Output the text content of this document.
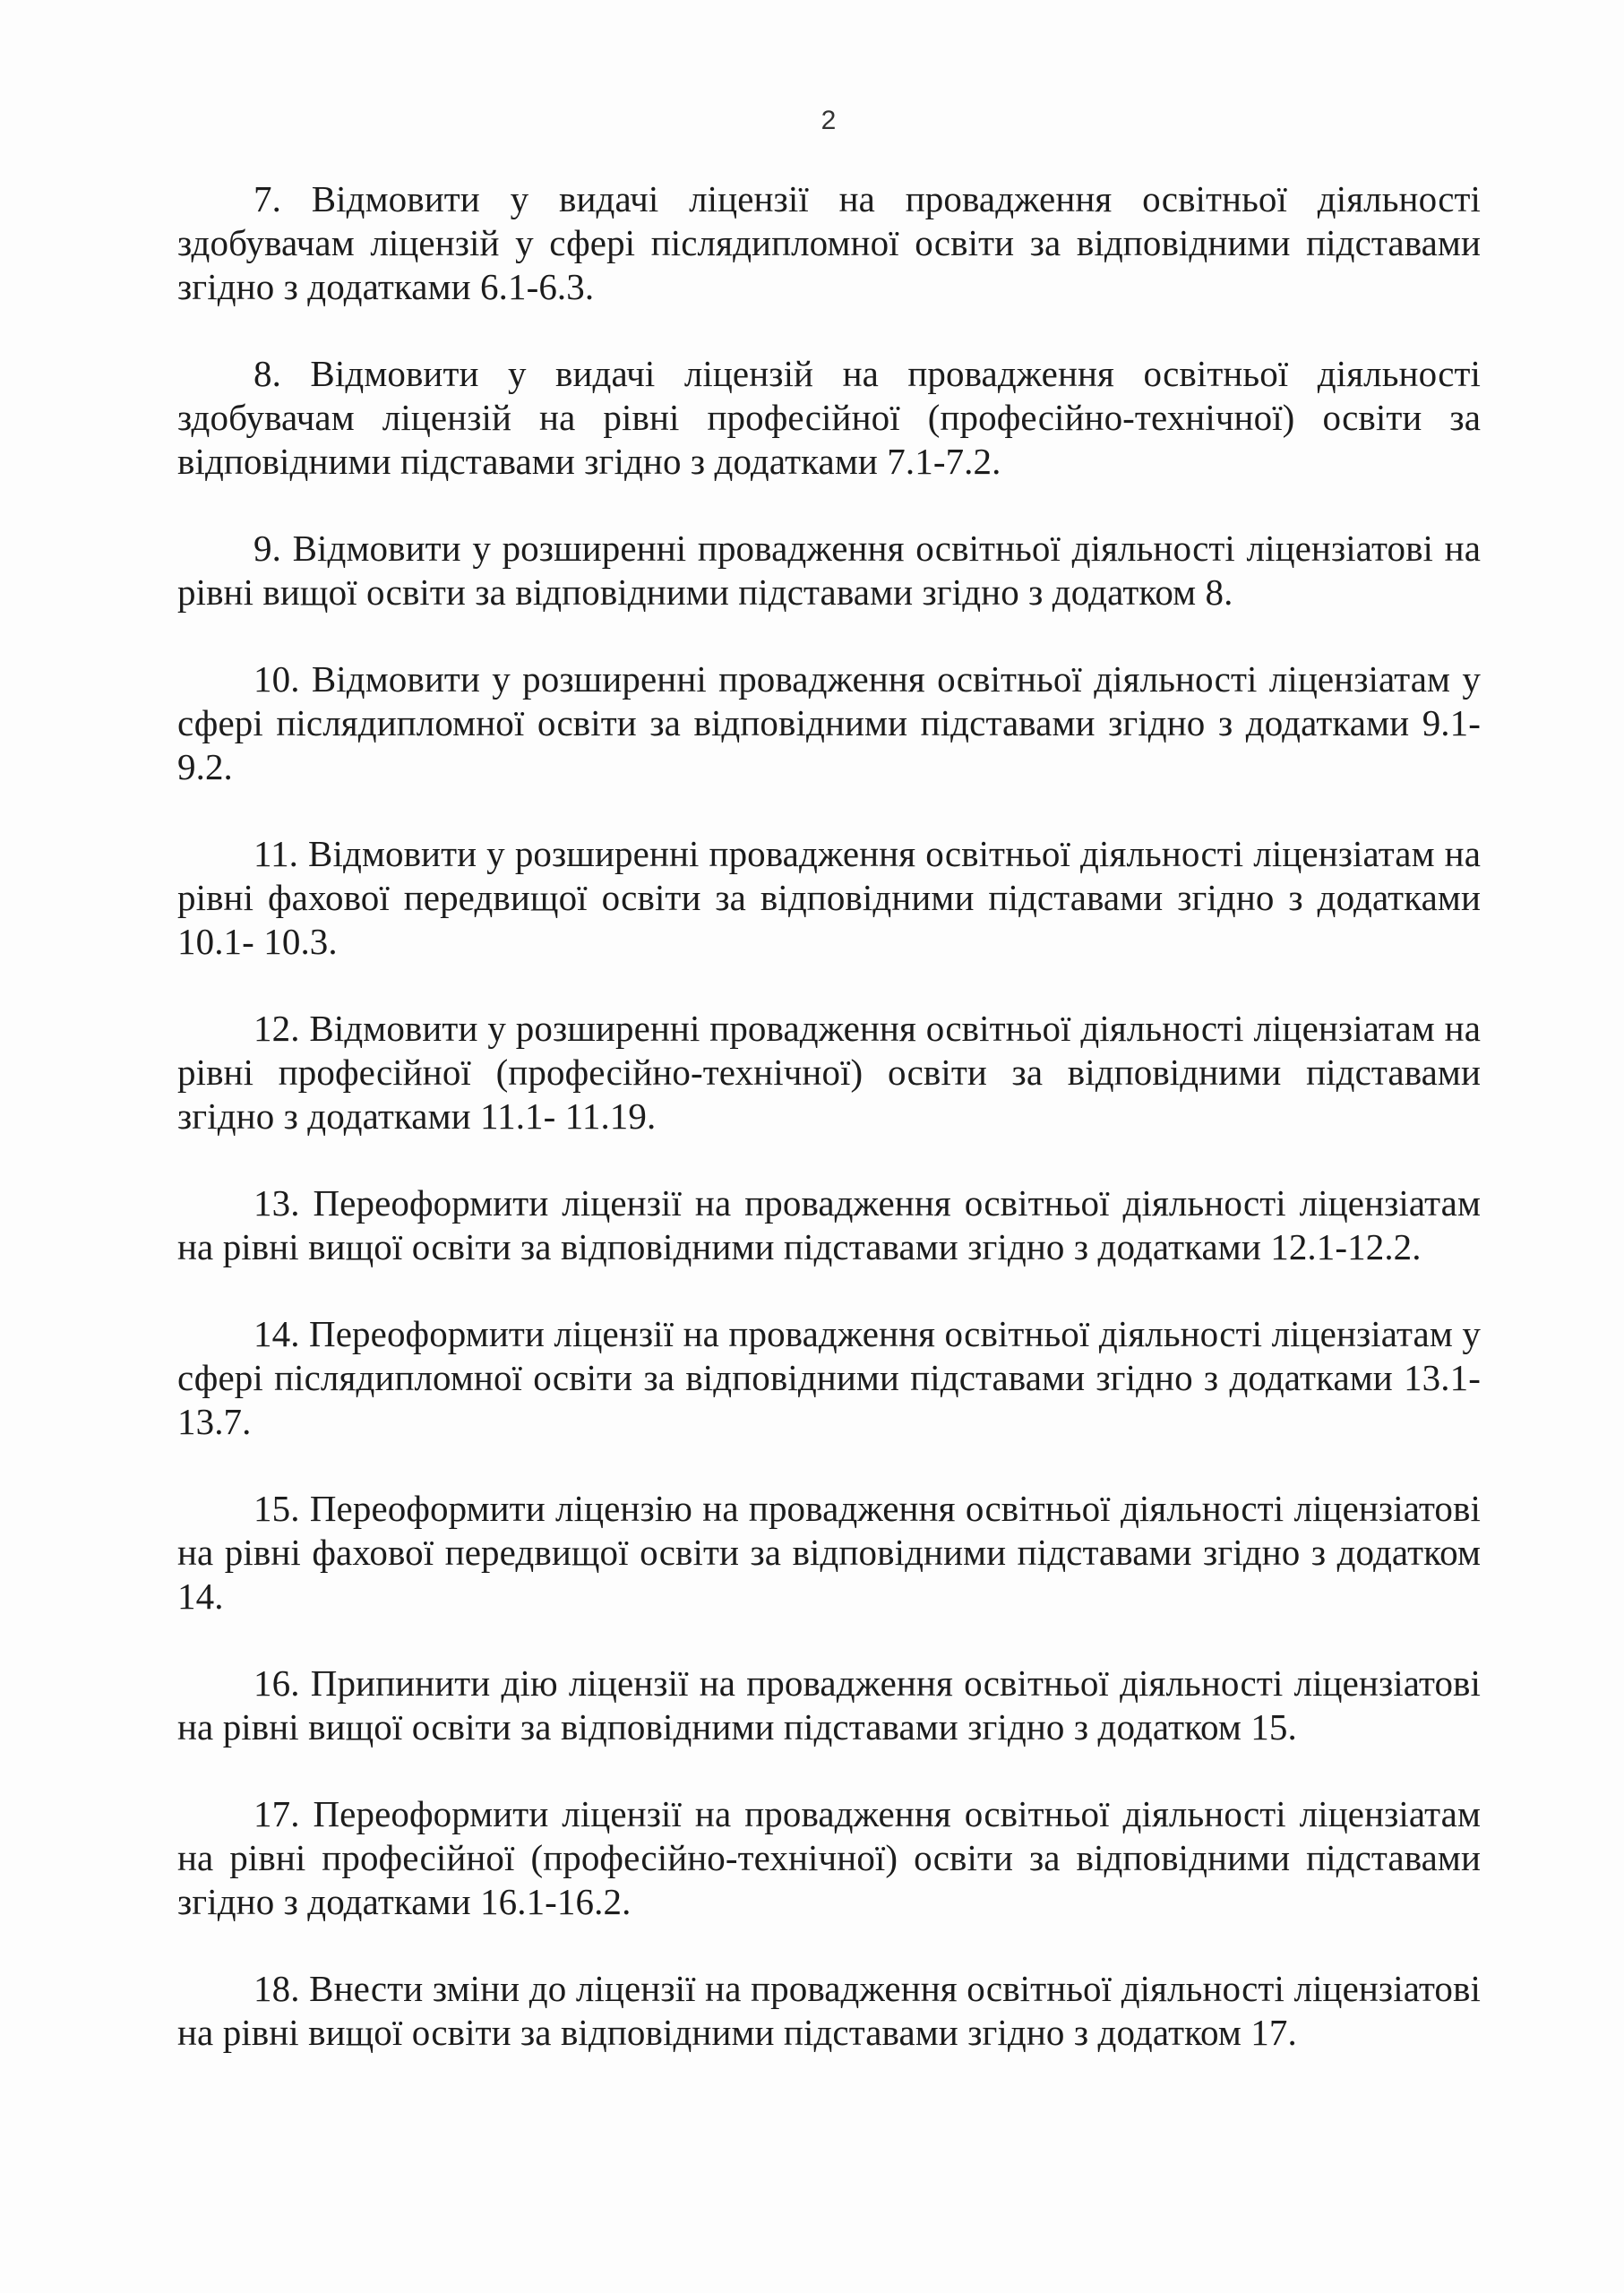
2

7. Відмовити у видачі ліцензії на провадження освітньої діяльності здобувачам ліцензій у сфері післядипломної освіти за відповідними підставами згідно з додатками 6.1-6.3.

8. Відмовити у видачі ліцензій на провадження освітньої діяльності здобувачам ліцензій на рівні професійної (професійно-технічної) освіти за відповідними підставами згідно з додатками 7.1-7.2.

9. Відмовити у розширенні провадження освітньої діяльності ліцензіатові на рівні вищої освіти за відповідними підставами згідно з додатком 8.

10. Відмовити у розширенні провадження освітньої діяльності ліцензіатам у сфері післядипломної освіти за відповідними підставами згідно з додатками 9.1-9.2.

11. Відмовити у розширенні провадження освітньої діяльності ліцензіатам на рівні фахової передвищої освіти за відповідними підставами згідно з додатками 10.1- 10.3.

12. Відмовити у розширенні провадження освітньої діяльності ліцензіатам на рівні професійної (професійно-технічної) освіти за відповідними підставами згідно з додатками 11.1- 11.19.

13. Переоформити ліцензії на провадження освітньої діяльності ліцензіатам на рівні вищої освіти за відповідними підставами згідно з додатками 12.1-12.2.

14. Переоформити ліцензії на провадження освітньої діяльності ліцензіатам у сфері післядипломної освіти за відповідними підставами згідно з додатками 13.1-13.7.

15. Переоформити ліцензію на провадження освітньої діяльності ліцензіатові на рівні фахової передвищої освіти за відповідними підставами згідно з додатком 14.

16. Припинити дію ліцензії на провадження освітньої діяльності ліцензіатові на рівні вищої освіти за відповідними підставами згідно з додатком 15.

17. Переоформити ліцензії на провадження освітньої діяльності ліцензіатам на рівні професійної (професійно-технічної) освіти за відповідними підставами згідно з додатками 16.1-16.2.

18. Внести зміни до ліцензії на провадження освітньої діяльності ліцензіатові на рівні вищої освіти за відповідними підставами згідно з додатком 17.
